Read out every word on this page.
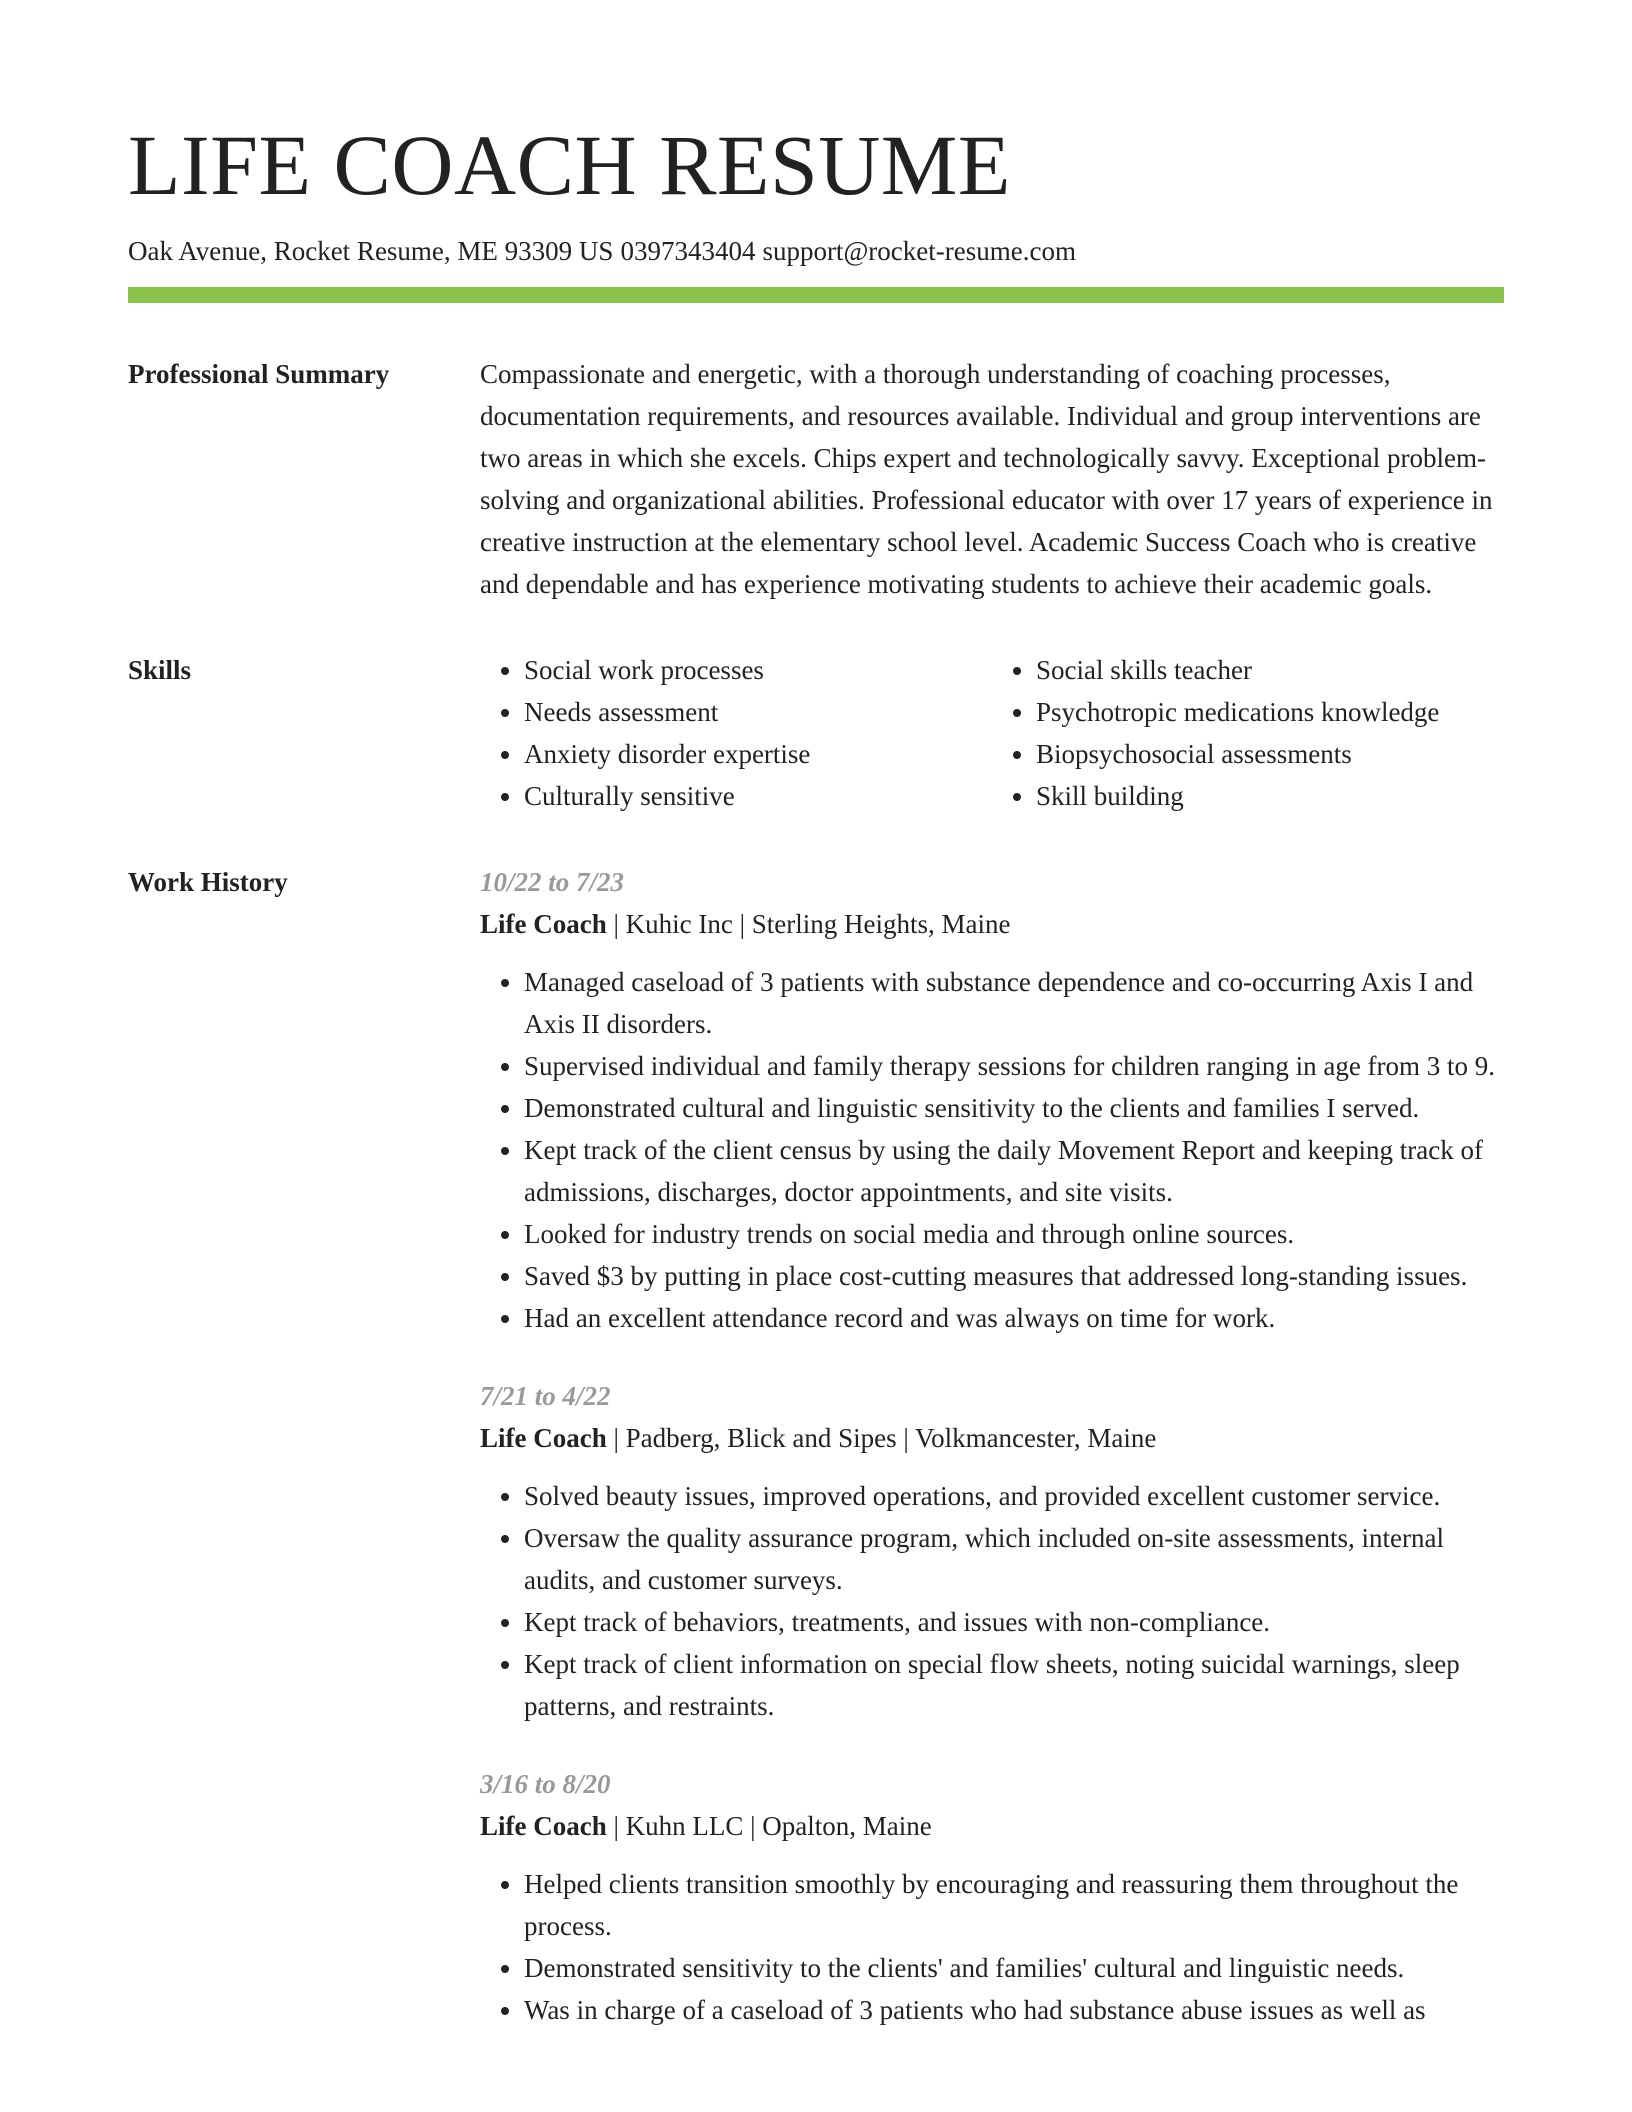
LIFE COACH RESUME
Oak Avenue, Rocket Resume, ME 93309 US 0397343404 support@rocket-resume.com
Professional Summary	Compassionate and energetic, with a thorough understanding of coaching processes, documentation requirements, and resources available. Individual and group interventions are two areas in which she excels. Chips expert and technologically savvy. Exceptional problem-solving and organizational abilities. Professional educator with over 17 years of experience in creative instruction at the elementary school level. Academic Success Coach who is creative and dependable and has experience motivating students to achieve their academic goals.

Skills
•	Social work processes
• Needs assessment
• Anxiety disorder expertise
• Culturally sensitive
• Social skills teacher
• Psychotropic medications knowledge
• Biopsychosocial assessments
• Skill building
Work History	10/22 to 7/23
Life Coach | Kuhic Inc | Sterling Heights, Maine
• Managed caseload of 3 patients with substance dependence and co-occurring Axis I and Axis II disorders.
• Supervised individual and family therapy sessions for children ranging in age from 3 to 9.
• Demonstrated cultural and linguistic sensitivity to the clients and families I served.
• Kept track of the client census by using the daily Movement Report and keeping track of admissions, discharges, doctor appointments, and site visits.
• Looked for industry trends on social media and through online sources.
• Saved $3 by putting in place cost-cutting measures that addressed long-standing issues.
• Had an excellent attendance record and was always on time for work.
7/21 to 4/22
Life Coach | Padberg, Blick and Sipes | Volkmancester, Maine
• Solved beauty issues, improved operations, and provided excellent customer service.
• Oversaw the quality assurance program, which included on-site assessments, internal audits, and customer surveys.
• Kept track of behaviors, treatments, and issues with non-compliance.
• Kept track of client information on special flow sheets, noting suicidal warnings, sleep patterns, and restraints.
3/16 to 8/20
Life Coach | Kuhn LLC | Opalton, Maine
• Helped clients transition smoothly by encouraging and reassuring them throughout the process.
• Demonstrated sensitivity to the clients' and families' cultural and linguistic needs.
• Was in charge of a caseload of 3 patients who had substance abuse issues as well as
